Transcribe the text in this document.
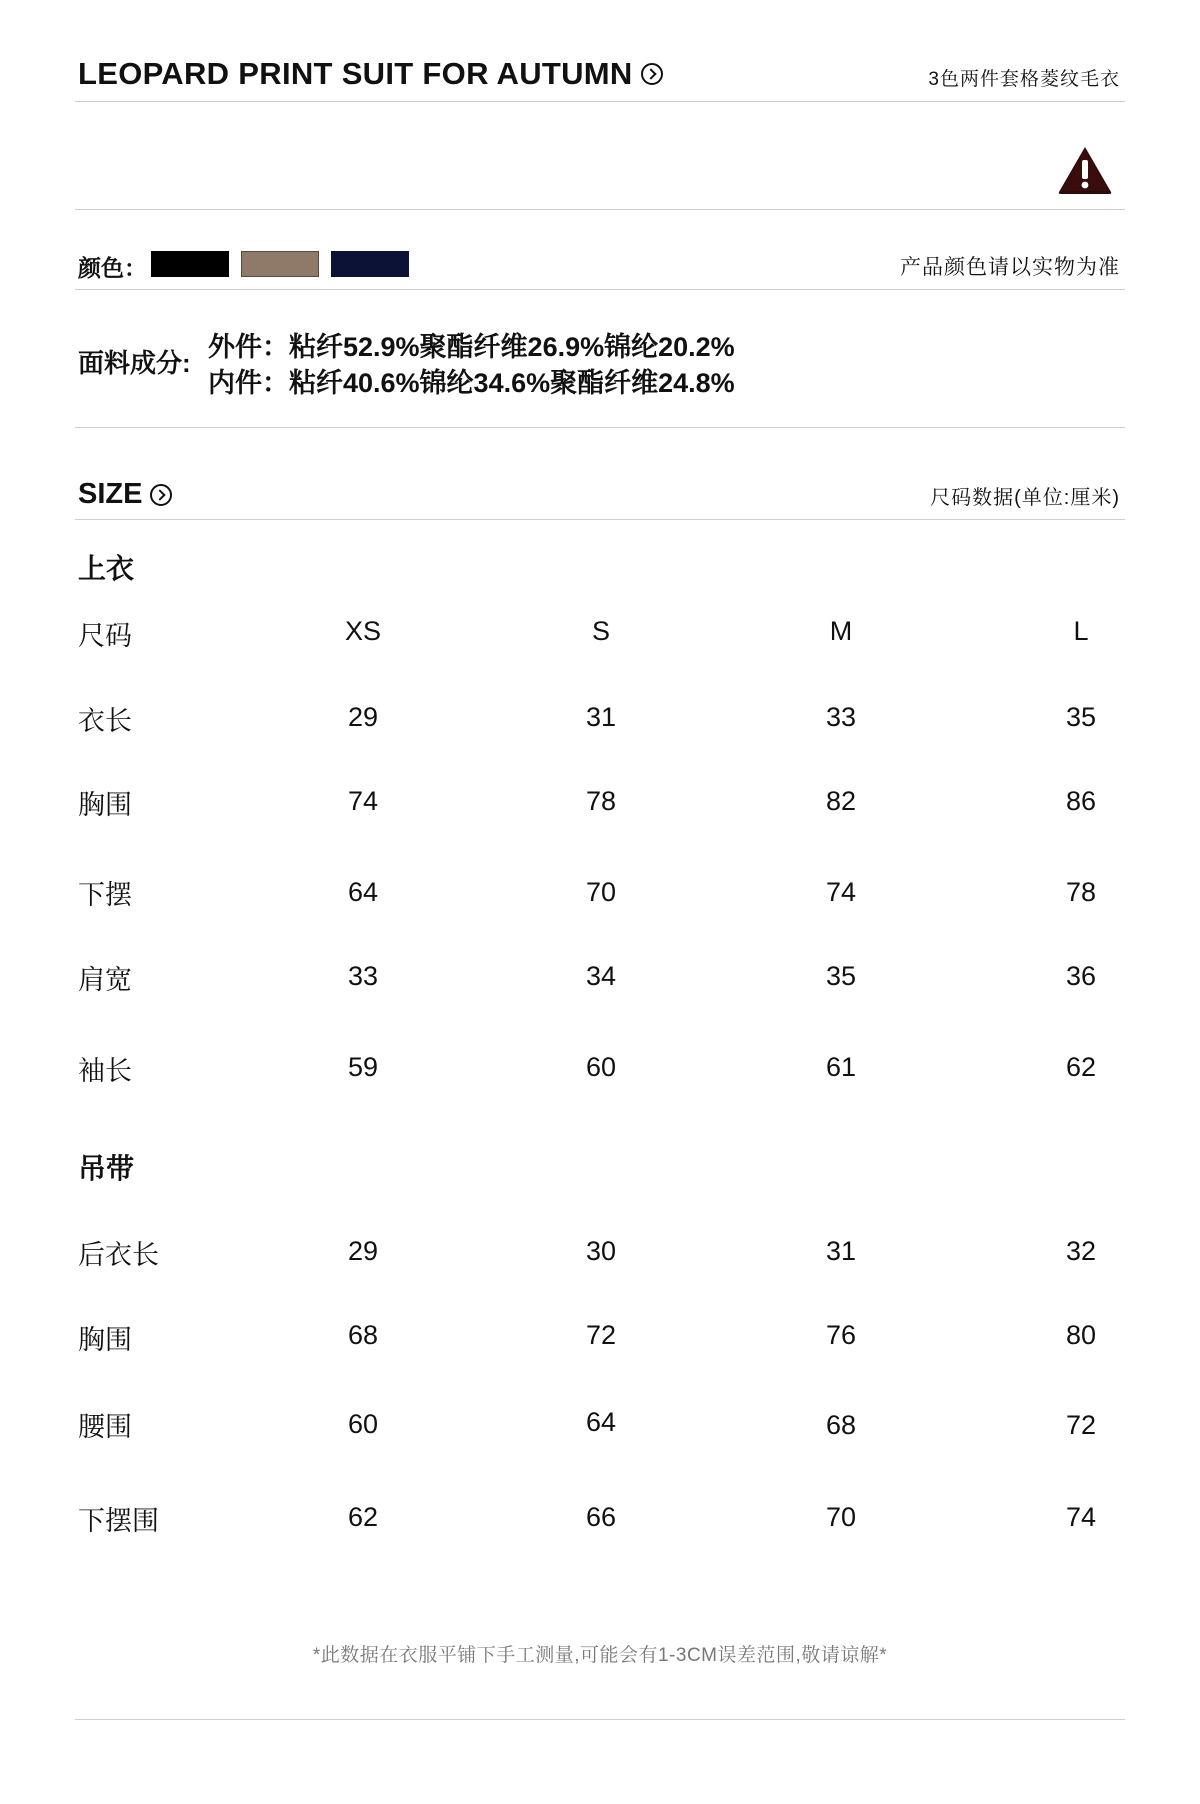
LEOPARD PRINT SUIT FOR AUTUMN	3色两件套格菱纹毛衣
颜色：	产品颜色请以实物为准
面料成分:
外件：粘纤52.9%聚酯纤维26.9%锦纶20.2%
内件：粘纤40.6%锦纶34.6%聚酯纤维24.8%
SIZE	尺码数据(单位:厘米)
上衣
尺码	XS	S	M	L
衣长	29	31	33	35
胸围	74	78	82	86
下摆	64	70	74	78
肩宽	33	34	35	36
袖长	59	60	61	62
吊带
后衣长	29	30	31	32
胸围	68	72	76	80
腰围	60	64	68	72
下摆围	62	66	70	74
*此数据在衣服平铺下手工测量,可能会有1-3CM误差范围,敬请谅解*
